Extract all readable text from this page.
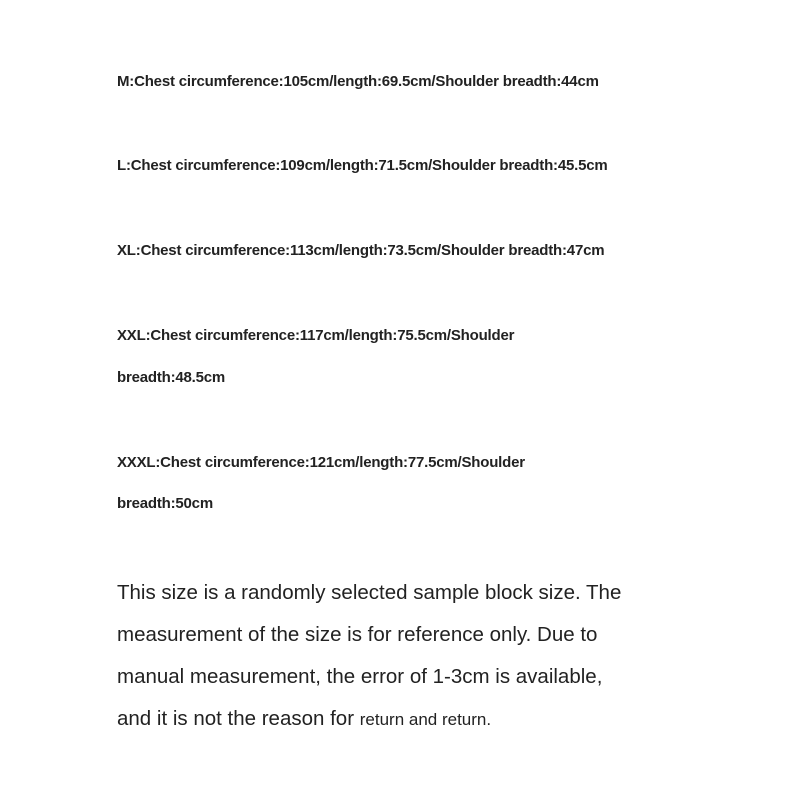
M:Chest circumference:105cm/length:69.5cm/Shoulder breadth:44cm

L:Chest circumference:109cm/length:71.5cm/Shoulder breadth:45.5cm

XL:Chest circumference:113cm/length:73.5cm/Shoulder breadth:47cm

XXL:Chest circumference:117cm/length:75.5cm/Shoulder

breadth:48.5cm

XXXL:Chest circumference:121cm/length:77.5cm/Shoulder

breadth:50cm

This size is a randomly selected sample block size. The
measurement of the size is for reference only. Due to
manual measurement, the error of 1-3cm is available,
and it is not the reason for return and return.
